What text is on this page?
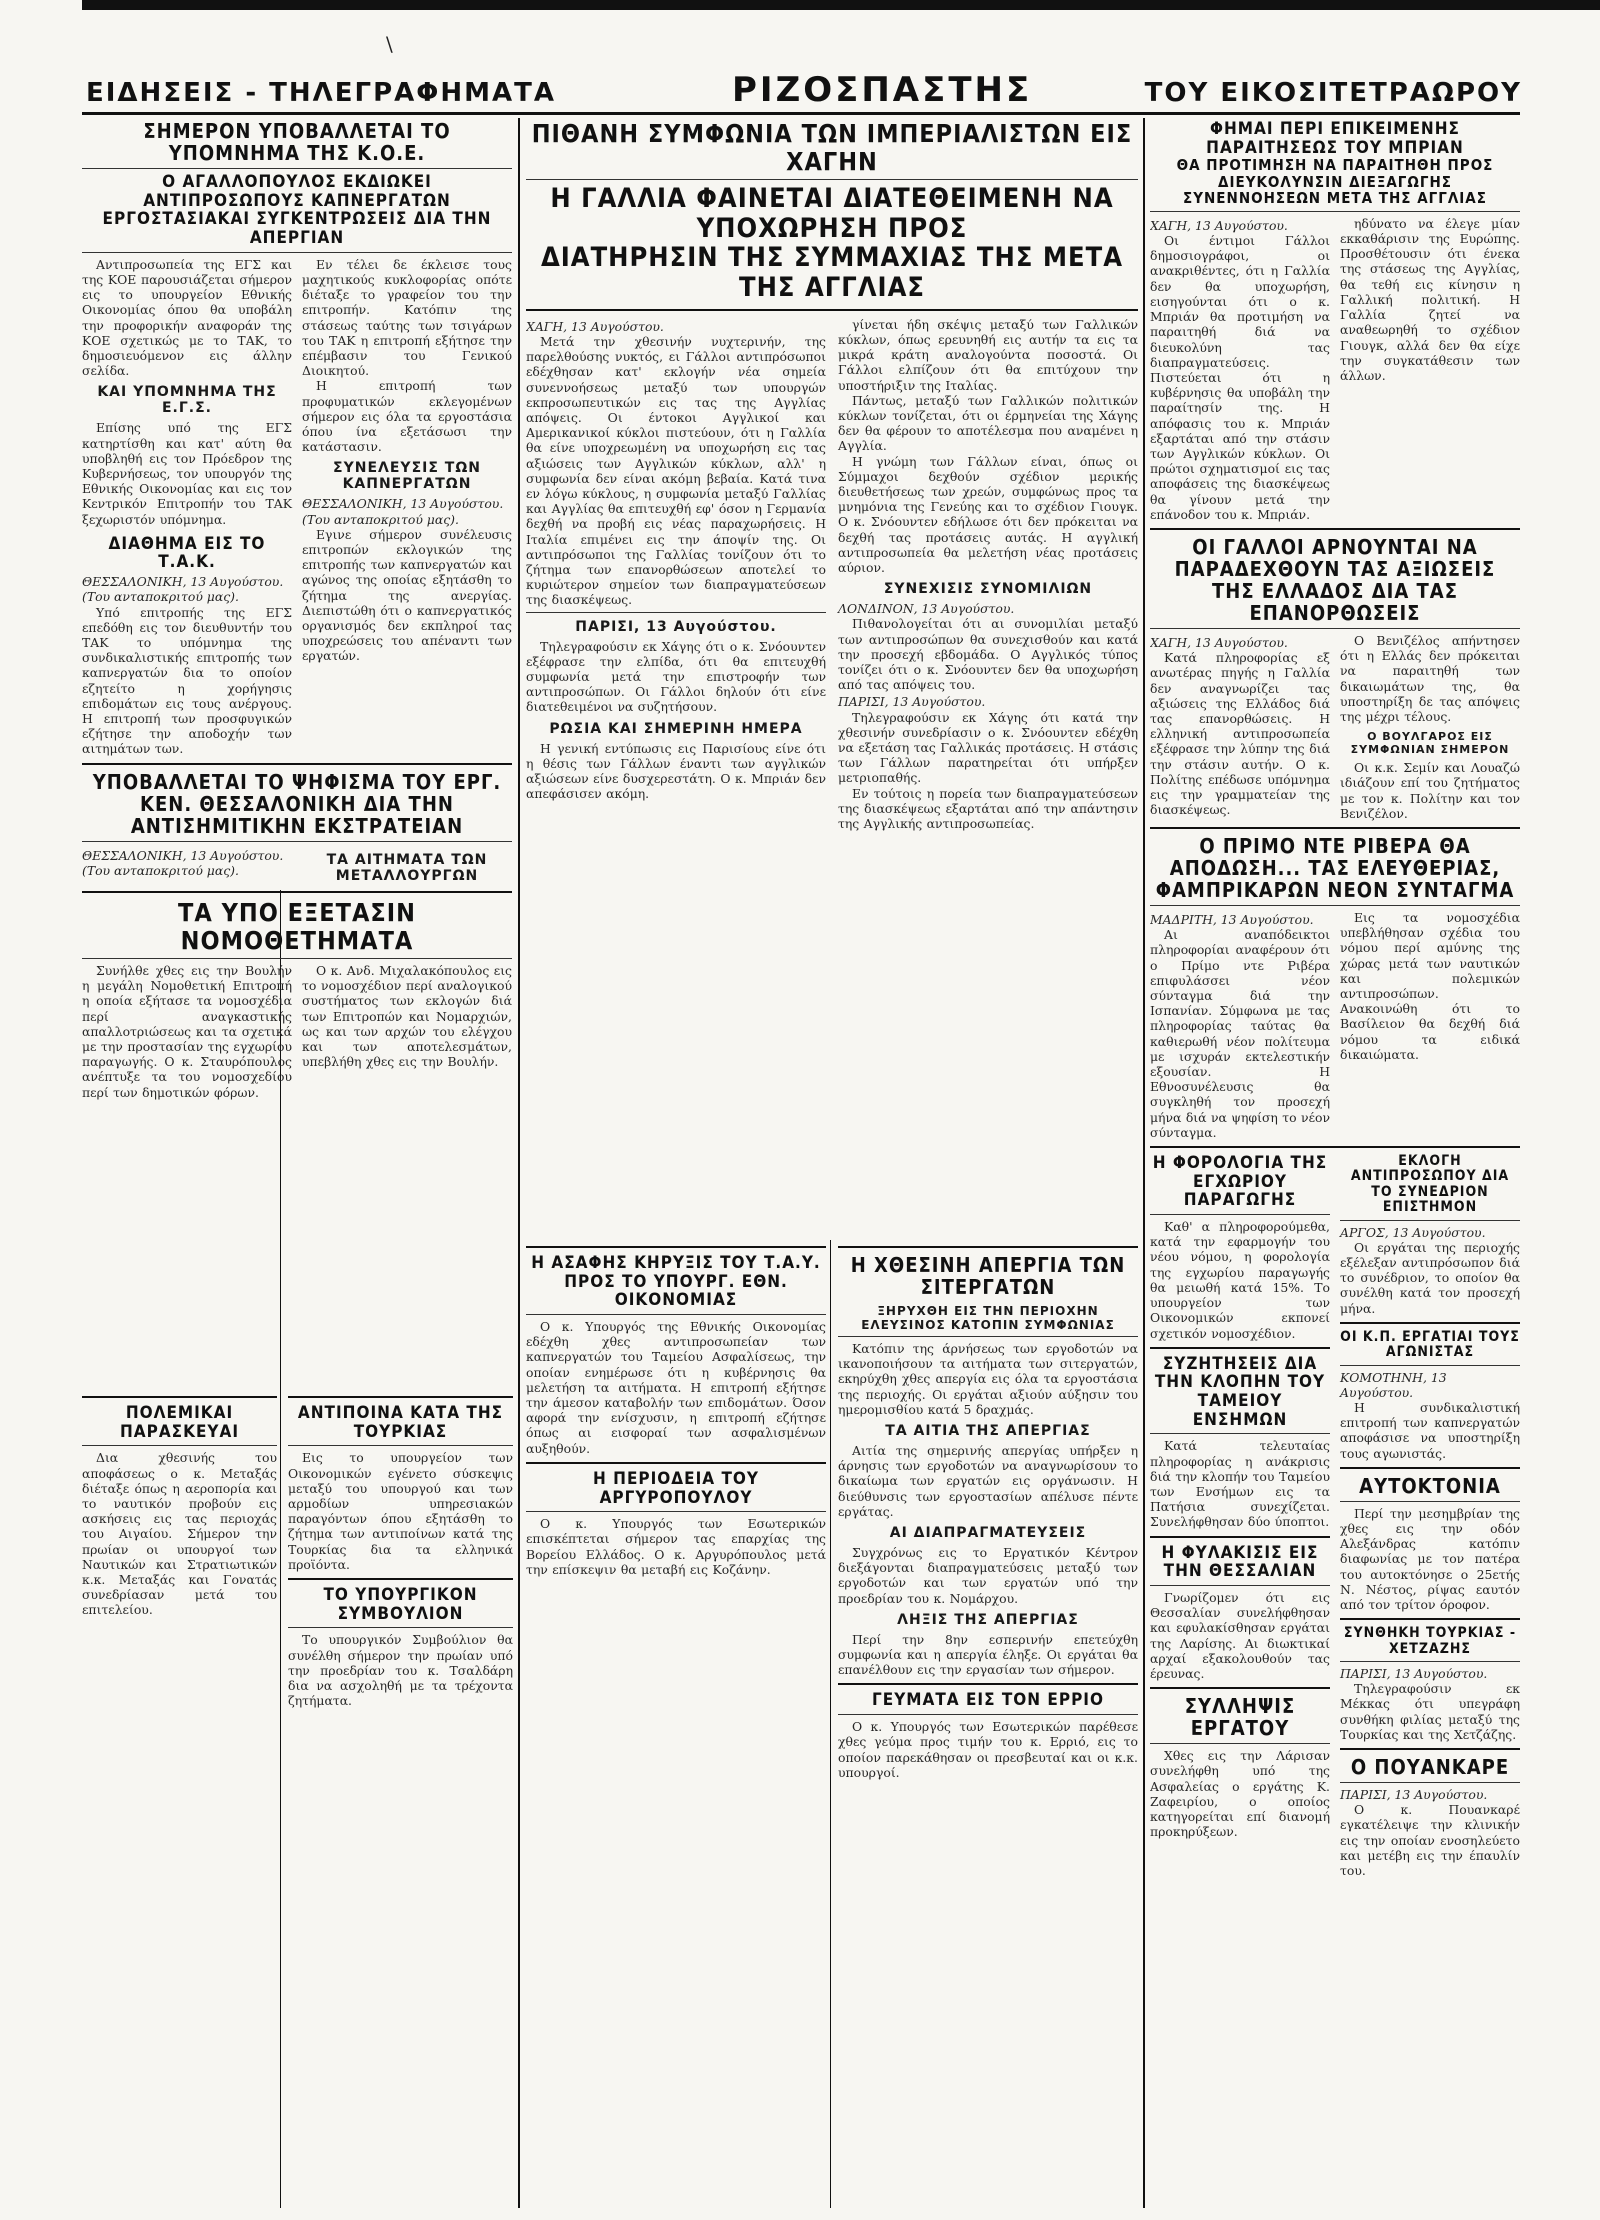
\
ΕΙΔΗΣΕΙΣ - ΤΗΛΕΓΡΑΦΗΜΑΤΑ	ΡΙΖΟΣΠΑΣΤΗΣ	ΤΟΥ ΕΙΚΟΣΙΤΕΤΡΑΩΡΟΥ
ΣΗΜΕΡΟΝ ΥΠΟΒΑΛΛΕΤΑΙ ΤΟ ΥΠΟΜΝΗΜΑ ΤΗΣ Κ.Ο.Ε.
Ο ΑΓΑΛΛΟΠΟΥΛΟΣ ΕΚΔΙΩΚΕΙ ΑΝΤΙΠΡΟΣΩΠΟΥΣ ΚΑΠΝΕΡΓΑΤΩΝ
ΕΡΓΟΣΤΑΣΙΑΚΑΙ ΣΥΓΚΕΝΤΡΩΣΕΙΣ ΔΙΑ ΤΗΝ ΑΠΕΡΓΙΑΝ

Αντιπροσωπεία της ΕΓΣ και της ΚΟΕ παρουσιάζεται σήμερον εις το υπουργείον Εθνικής Οικονομίας όπου θα υποβάλη την προφορικήν αναφοράν της ΚΟΕ σχετικώς με το ΤΑΚ, το δημοσιευόμενον εις άλλην σελίδα.

ΚΑΙ ΥΠΟΜΝΗΜΑ ΤΗΣ Ε.Γ.Σ.

Επίσης υπό της ΕΓΣ κατηρτίσθη και κατ' αύτη θα υποβληθή εις τον Πρόεδρον της Κυβερνήσεως, τον υπουργόν της Εθνικής Οικονομίας και εις τον Κεντρικόν Επιτροπήν του ΤΑΚ ξεχωριστόν υπόμνημα.

ΔΙΑΘΗΜΑ ΕΙΣ ΤΟ Τ.Α.Κ.

ΘΕΣΣΑΛΟΝΙΚΗ, 13 Αυγούστου. (Του ανταποκριτού μας).

Υπό επιτροπής της ΕΓΣ επεδόθη εις τον διευθυντήν του ΤΑΚ το υπόμνημα της συνδικαλιστικής επιτροπής των καπνεργατών δια το οποίον εζητείτο η χορήγησις επιδομάτων εις τους ανέργους. Η επιτροπή των προσφυγικών εζήτησε την αποδοχήν των αιτημάτων των.

Εν τέλει δε έκλεισε τους μαχητικούς κυκλοφορίας οπότε διέταξε το γραφείον του την επιτροπήν. Κατόπιν της στάσεως ταύτης των τσιγάρων του ΤΑΚ η επιτροπή εξήτησε την επέμβασιν του Γενικού Διοικητού.

Η επιτροπή των προφυματικών εκλεγομένων σήμερον εις όλα τα εργοστάσια όπου ίνα εξετάσωσι την κατάστασιν.

ΣΥΝΕΛΕΥΣΙΣ ΤΩΝ ΚΑΠΝΕΡΓΑΤΩΝ

ΘΕΣΣΑΛΟΝΙΚΗ, 13 Αυγούστου. (Του ανταποκριτού μας).

Εγινε σήμερον συνέλευσις επιτροπών εκλογικών της επιτροπής των καπνεργατών και αγώνος της οποίας εξητάσθη το ζήτημα της ανεργίας. Διεπιστώθη ότι ο καπνεργατικός οργανισμός δεν εκπληροί τας υποχρεώσεις του απέναντι των εργατών.

ΥΠΟΒΑΛΛΕΤΑΙ ΤΟ ΨΗΦΙΣΜΑ ΤΟΥ ΕΡΓ. ΚΕΝ. ΘΕΣΣΑΛΟΝΙΚΗ ΔΙΑ ΤΗΝ ΑΝΤΙΣΗΜΙΤΙΚΗΝ ΕΚΣΤΡΑΤΕΙΑΝ

ΘΕΣΣΑΛΟΝΙΚΗ, 13 Αυγούστου. (Του ανταποκριτού μας).

ΤΑ ΑΙΤΗΜΑΤΑ ΤΩΝ ΜΕΤΑΛΛΟΥΡΓΩΝ

ΤΑ ΥΠΟ ΕΞΕΤΑΣΙΝ ΝΟΜΟΘΕΤΗΜΑΤΑ

Συνήλθε χθες εις την Βουλήν η μεγάλη Νομοθετική Επιτροπή η οποία εξήτασε τα νομοσχέδια περί αναγκαστικής απαλλοτριώσεως και τα σχετικά με την προστασίαν της εγχωρίου παραγωγής. Ο κ. Σταυρόπουλος ανέπτυξε τα του νομοσχεδίου περί των δημοτικών φόρων.

Ο κ. Ανδ. Μιχαλακόπουλος εις το νομοσχέδιον περί αναλογικού συστήματος των εκλογών διά των Επιτροπών και Νομαρχιών, ως και των αρχών του ελέγχου και των αποτελεσμάτων, υπεβλήθη χθες εις την Βουλήν.

ΠΟΛΕΜΙΚΑΙ ΠΑΡΑΣΚΕΥΑΙ

Δια χθεσινής του αποφάσεως ο κ. Μεταξάς διέταξε όπως η αεροπορία και το ναυτικόν προβούν εις ασκήσεις εις τας περιοχάς του Αιγαίου. Σήμερον την πρωίαν οι υπουργοί των Ναυτικών και Στρατιωτικών κ.κ. Μεταξάς και Γονατάς συνεδρίασαν μετά του επιτελείου.

ΑΝΤΙΠΟΙΝΑ ΚΑΤΑ ΤΗΣ ΤΟΥΡΚΙΑΣ

Εις το υπουργείον των Οικονομικών εγένετο σύσκεψις μεταξύ του υπουργού και των αρμοδίων υπηρεσιακών παραγόντων όπου εξητάσθη το ζήτημα των αντιποίνων κατά της Τουρκίας δια τα ελληνικά προϊόντα.

ΤΟ ΥΠΟΥΡΓΙΚΟΝ ΣΥΜΒΟΥΛΙΟΝ

Το υπουργικόν Συμβούλιον θα συνέλθη σήμερον την πρωίαν υπό την προεδρίαν του κ. Τσαλδάρη δια να ασχοληθή με τα τρέχοντα ζητήματα.

ΠΙΘΑΝΗ ΣΥΜΦΩΝΙΑ ΤΩΝ ΙΜΠΕΡΙΑΛΙΣΤΩΝ ΕΙΣ ΧΑΓΗΝ
Η ΓΑΛΛΙΑ ΦΑΙΝΕΤΑΙ ΔΙΑΤΕΘΕΙΜΕΝΗ ΝΑ ΥΠΟΧΩΡΗΣΗ ΠΡΟΣ
ΔΙΑΤΗΡΗΣΙΝ ΤΗΣ ΣΥΜΜΑΧΙΑΣ ΤΗΣ ΜΕΤΑ ΤΗΣ ΑΓΓΛΙΑΣ

ΧΑΓΗ, 13 Αυγούστου.

Μετά την χθεσινήν νυχτερινήν, της παρελθούσης νυκτός, ει Γάλλοι αντιπρόσωποι εδέχθησαν κατ' εκλογήν νέα σημεία συνεννοήσεως μεταξύ των υπουργών εκπροσωπευτικών εις τας της Αγγλίας απόψεις. Οι έντοκοι Αγγλικοί και Αμερικανικοί κύκλοι πιστεύουν, ότι η Γαλλία θα είνε υποχρεωμένη να υποχωρήση εις τας αξιώσεις των Αγγλικών κύκλων, αλλ' η συμφωνία δεν είναι ακόμη βεβαία. Κατά τινα εν λόγω κύκλους, η συμφωνία μεταξύ Γαλλίας και Αγγλίας θα επιτευχθή εφ' όσον η Γερμανία δεχθή να προβή εις νέας παραχωρήσεις. Η Ιταλία επιμένει εις την άποψίν της. Οι αντιπρόσωποι της Γαλλίας τονίζουν ότι το ζήτημα των επανορθώσεων αποτελεί το κυριώτερον σημείον των διαπραγματεύσεων της διασκέψεως.

ΠΑΡΙΣΙ, 13 Αυγούστου.

Τηλεγραφούσιν εκ Χάγης ότι ο κ. Σνόουντεν εξέφρασε την ελπίδα, ότι θα επιτευχθή συμφωνία μετά την επιστροφήν των αντιπροσώπων. Οι Γάλλοι δηλούν ότι είνε διατεθειμένοι να συζητήσουν.

ΡΩΣΙΑ ΚΑΙ ΣΗΜΕΡΙΝΗ ΗΜΕΡΑ

Η γενική εντύπωσις εις Παρισίους είνε ότι η θέσις των Γάλλων έναντι των αγγλικών αξιώσεων είνε δυσχερεστάτη. Ο κ. Μπριάν δεν απεφάσισεν ακόμη.

γίνεται ήδη σκέψις μεταξύ των Γαλλικών κύκλων, όπως ερευνηθή εις αυτήν τα εις τα μικρά κράτη αναλογούντα ποσοστά. Οι Γάλλοι ελπίζουν ότι θα επιτύχουν την υποστήριξιν της Ιταλίας.

Πάντως, μεταξύ των Γαλλικών πολιτικών κύκλων τονίζεται, ότι οι έρμηνείαι της Χάγης δεν θα φέρουν το αποτέλεσμα που αναμένει η Αγγλία.

Η γνώμη των Γάλλων είναι, όπως οι Σύμμαχοι δεχθούν σχέδιον μερικής διευθετήσεως των χρεών, συμφώνως προς τα μνημόνια της Γενεύης και το σχέδιον Γιουγκ. Ο κ. Σνόουντεν εδήλωσε ότι δεν πρόκειται να δεχθή τας προτάσεις αυτάς. Η αγγλική αντιπροσωπεία θα μελετήση νέας προτάσεις αύριον.

ΣΥΝΕΧΙΣΙΣ ΣΥΝΟΜΙΛΙΩΝ

ΛΟΝΔΙΝΟΝ, 13 Αυγούστου.

Πιθανολογείται ότι αι συνομιλίαι μεταξύ των αντιπροσώπων θα συνεχισθούν και κατά την προσεχή εβδομάδα. Ο Αγγλικός τύπος τονίζει ότι ο κ. Σνόουντεν δεν θα υποχωρήση από τας απόψεις του.

ΠΑΡΙΣΙ, 13 Αυγούστου.

Τηλεγραφούσιν εκ Χάγης ότι κατά την χθεσινήν συνεδρίασιν ο κ. Σνόουντεν εδέχθη να εξετάση τας Γαλλικάς προτάσεις. Η στάσις των Γάλλων παρατηρείται ότι υπήρξεν μετριοπαθής.

Εν τούτοις η πορεία των διαπραγματεύσεων της διασκέψεως εξαρτάται από την απάντησιν της Αγγλικής αντιπροσωπείας.

Η ΑΣΑΦΗΣ ΚΗΡΥΞΙΣ ΤΟΥ Τ.Α.Υ. ΠΡΟΣ ΤΟ ΥΠΟΥΡΓ. ΕΘΝ. ΟΙΚΟΝΟΜΙΑΣ

Ο κ. Υπουργός της Εθνικής Οικονομίας εδέχθη χθες αντιπροσωπείαν των καπνεργατών του Ταμείου Ασφαλίσεως, την οποίαν ενημέρωσε ότι η κυβέρνησις θα μελετήση τα αιτήματα. Η επιτροπή εξήτησε την άμεσον καταβολήν των επιδομάτων. Όσον αφορά την ενίσχυσιν, η επιτροπή εζήτησε όπως αι εισφοραί των ασφαλισμένων αυξηθούν.

Η ΠΕΡΙΟΔΕΙΑ ΤΟΥ ΑΡΓΥΡΟΠΟΥΛΟΥ

Ο κ. Υπουργός των Εσωτερικών επισκέπτεται σήμερον τας επαρχίας της Βορείου Ελλάδος. Ο κ. Αργυρόπουλος μετά την επίσκεψιν θα μεταβή εις Κοζάνην.

Η ΧΘΕΣΙΝΗ ΑΠΕΡΓΙΑ ΤΩΝ ΣΙΤΕΡΓΑΤΩΝ
ΞΗΡΥΧΘΗ ΕΙΣ ΤΗΝ ΠΕΡΙΟΧΗΝ ΕΛΕΥΣΙΝΟΣ ΚΑΤΟΠΙΝ ΣΥΜΦΩΝΙΑΣ

Κατόπιν της άρνήσεως των εργοδοτών να ικανοποιήσουν τα αιτήματα των σιτεργατών, εκηρύχθη χθες απεργία εις όλα τα εργοστάσια της περιοχής. Οι εργάται αξιούν αύξησιν του ημερομισθίου κατά 5 δραχμάς.

ΤΑ ΑΙΤΙΑ ΤΗΣ ΑΠΕΡΓΙΑΣ

Αιτία της σημερινής απεργίας υπήρξεν η άρνησις των εργοδοτών να αναγνωρίσουν το δικαίωμα των εργατών εις οργάνωσιν. Η διεύθυνσις των εργοστασίων απέλυσε πέντε εργάτας.

ΑΙ ΔΙΑΠΡΑΓΜΑΤΕΥΣΕΙΣ

Συγχρόνως εις το Εργατικόν Κέντρον διεξάγονται διαπραγματεύσεις μεταξύ των εργοδοτών και των εργατών υπό την προεδρίαν του κ. Νομάρχου.

ΛΗΞΙΣ ΤΗΣ ΑΠΕΡΓΙΑΣ

Περί την 8ην εσπερινήν επετεύχθη συμφωνία και η απεργία έληξε. Οι εργάται θα επανέλθουν εις την εργασίαν των σήμερον.

ΓΕΥΜΑΤΑ ΕΙΣ ΤΟΝ ΕΡΡΙΟ

Ο κ. Υπουργός των Εσωτερικών παρέθεσε χθες γεύμα προς τιμήν του κ. Ερριό, εις το οποίον παρεκάθησαν οι πρεσβευταί και οι κ.κ. υπουργοί.

ΦΗΜΑΙ ΠΕΡΙ ΕΠΙΚΕΙΜΕΝΗΣ ΠΑΡΑΙΤΗΣΕΩΣ ΤΟΥ ΜΠΡΙΑΝ
ΘΑ ΠΡΟΤΙΜΗΣΗ ΝΑ ΠΑΡΑΙΤΗΘΗ ΠΡΟΣ ΔΙΕΥΚΟΛΥΝΣΙΝ ΔΙΕΞΑΓΩΓΗΣ ΣΥΝΕΝΝΟΗΣΕΩΝ ΜΕΤΑ ΤΗΣ ΑΓΓΛΙΑΣ

ΧΑΓΗ, 13 Αυγούστου.

Οι έντιμοι Γάλλοι δημοσιογράφοι, οι ανακριθέντες, ότι η Γαλλία δεν θα υποχωρήση, εισηγούνται ότι ο κ. Μπριάν θα προτιμήση να παραιτηθή διά να διευκολύνη τας διαπραγματεύσεις. Πιστεύεται ότι η κυβέρνησις θα υποβάλη την παραίτησίν της. Η απόφασις του κ. Μπριάν εξαρτάται από την στάσιν των Αγγλικών κύκλων. Οι πρώτοι σχηματισμοί εις τας αποφάσεις της διασκέψεως θα γίνουν μετά την επάνοδον του κ. Μπριάν.

ηδύνατο να έλεγε μίαν εκκαθάρισιν της Ευρώπης. Προσθέτουσιν ότι ένεκα της στάσεως της Αγγλίας, θα τεθή εις κίνησιν η Γαλλική πολιτική. Η Γαλλία ζητεί να αναθεωρηθή το σχέδιον Γιουγκ, αλλά δεν θα είχε την συγκατάθεσιν των άλλων.

ΟΙ ΓΑΛΛΟΙ ΑΡΝΟΥΝΤΑΙ ΝΑ ΠΑΡΑΔΕΧΘΟΥΝ ΤΑΣ ΑΞΙΩΣΕΙΣ ΤΗΣ ΕΛΛΑΔΟΣ ΔΙΑ ΤΑΣ ΕΠΑΝΟΡΘΩΣΕΙΣ

ΧΑΓΗ, 13 Αυγούστου.

Κατά πληροφορίας εξ ανωτέρας πηγής η Γαλλία δεν αναγνωρίζει τας αξιώσεις της Ελλάδος διά τας επανορθώσεις. Η ελληνική αντιπροσωπεία εξέφρασε την λύπην της διά την στάσιν αυτήν. Ο κ. Πολίτης επέδωσε υπόμνημα εις την γραμματείαν της διασκέψεως.

Ο Βενιζέλος απήντησεν ότι η Ελλάς δεν πρόκειται να παραιτηθή των δικαιωμάτων της, θα υποστηρίξη δε τας απόψεις της μέχρι τέλους.

Ο ΒΟΥΛΓΑΡΟΣ ΕΙΣ ΣΥΜΦΩΝΙΑΝ ΣΗΜΕΡΟΝ

Οι κ.κ. Σεμίν και Λουαζώ ιδιάζουν επί του ζητήματος με τον κ. Πολίτην και τον Βενιζέλον.

Ο ΠΡΙΜΟ ΝΤΕ ΡΙΒΕΡΑ ΘΑ ΑΠΟΔΩΣΗ... ΤΑΣ ΕΛΕΥΘΕΡΙΑΣ, ΦΑΜΠΡΙΚΑΡΩΝ ΝΕΟΝ ΣΥΝΤΑΓΜΑ

ΜΑΔΡΙΤΗ, 13 Αυγούστου.

Αι αναπόδεικτοι πληροφορίαι αναφέρουν ότι ο Πρίμο ντε Ριβέρα επιφυλάσσει νέον σύνταγμα διά την Ισπανίαν. Σύμφωνα με τας πληροφορίας ταύτας θα καθιερωθή νέον πολίτευμα με ισχυράν εκτελεστικήν εξουσίαν. Η Εθνοσυνέλευσις θα συγκληθή τον προσεχή μήνα διά να ψηφίση το νέον σύνταγμα.

Εις τα νομοσχέδια υπεβλήθησαν σχέδια του νόμου περί αμύνης της χώρας μετά των ναυτικών και πολεμικών αντιπροσώπων. Ανακοινώθη ότι το Βασίλειον θα δεχθή διά νόμου τα ειδικά δικαιώματα.

Η ΦΟΡΟΛΟΓΙΑ ΤΗΣ ΕΓΧΩΡΙΟΥ ΠΑΡΑΓΩΓΗΣ

Καθ' α πληροφορούμεθα, κατά την εφαρμογήν του νέου νόμου, η φορολογία της εγχωρίου παραγωγής θα μειωθή κατά 15%. Το υπουργείον των Οικονομικών εκπονεί σχετικόν νομοσχέδιον.

ΣΥΖΗΤΗΣΕΙΣ ΔΙΑ ΤΗΝ ΚΛΟΠΗΝ ΤΟΥ ΤΑΜΕΙΟΥ ΕΝΣΗΜΩΝ

Κατά τελευταίας πληροφορίας η ανάκρισις διά την κλοπήν του Ταμείου των Ενσήμων εις τα Πατήσια συνεχίζεται. Συνελήφθησαν δύο ύποπτοι.

Η ΦΥΛΑΚΙΣΙΣ ΕΙΣ ΤΗΝ ΘΕΣΣΑΛΙΑΝ

Γνωρίζομεν ότι εις Θεσσαλίαν συνελήφθησαν και εφυλακίσθησαν εργάται της Λαρίσης. Αι διωκτικαί αρχαί εξακολουθούν τας έρευνας.

ΣΥΛΛΗΨΙΣ ΕΡΓΑΤΟΥ

Χθες εις την Λάρισαν συνελήφθη υπό της Ασφαλείας ο εργάτης Κ. Ζαφειρίου, ο οποίος κατηγορείται επί διανομή προκηρύξεων.

ΕΚΛΟΓΗ ΑΝΤΙΠΡΟΣΩΠΟΥ ΔΙΑ ΤΟ ΣΥΝΕΔΡΙΟΝ ΕΠΙΣΤΗΜΟΝ

ΑΡΓΟΣ, 13 Αυγούστου.

Οι εργάται της περιοχής εξέλεξαν αντιπρόσωπον διά το συνέδριον, το οποίον θα συνέλθη κατά τον προσεχή μήνα.

ΟΙ Κ.Π. ΕΡΓΑΤΙΑΙ ΤΟΥΣ ΑΓΩΝΙΣΤΑΣ

ΚΟΜΟΤΗΝΗ, 13 Αυγούστου.

Η συνδικαλιστική επιτροπή των καπνεργατών αποφάσισε να υποστηρίξη τους αγωνιστάς.

ΑΥΤΟΚΤΟΝΙΑ

Περί την μεσημβρίαν της χθες εις την οδόν Αλεξάνδρας κατόπιν διαφωνίας με τον πατέρα του αυτοκτόνησε ο 25ετής Ν. Νέστος, ρίψας εαυτόν από τον τρίτον όροφον.

ΣΥΝΘΗΚΗ ΤΟΥΡΚΙΑΣ - ΧΕΤΖΑΖΗΣ

ΠΑΡΙΣΙ, 13 Αυγούστου.

Τηλεγραφούσιν εκ Μέκκας ότι υπεγράφη συνθήκη φιλίας μεταξύ της Τουρκίας και της Χετζάζης.

Ο ΠΟΥΑΝΚΑΡΕ

ΠΑΡΙΣΙ, 13 Αυγούστου.

Ο κ. Πουανκαρέ εγκατέλειψε την κλινικήν εις την οποίαν ενοσηλεύετο και μετέβη εις την έπαυλίν του.
